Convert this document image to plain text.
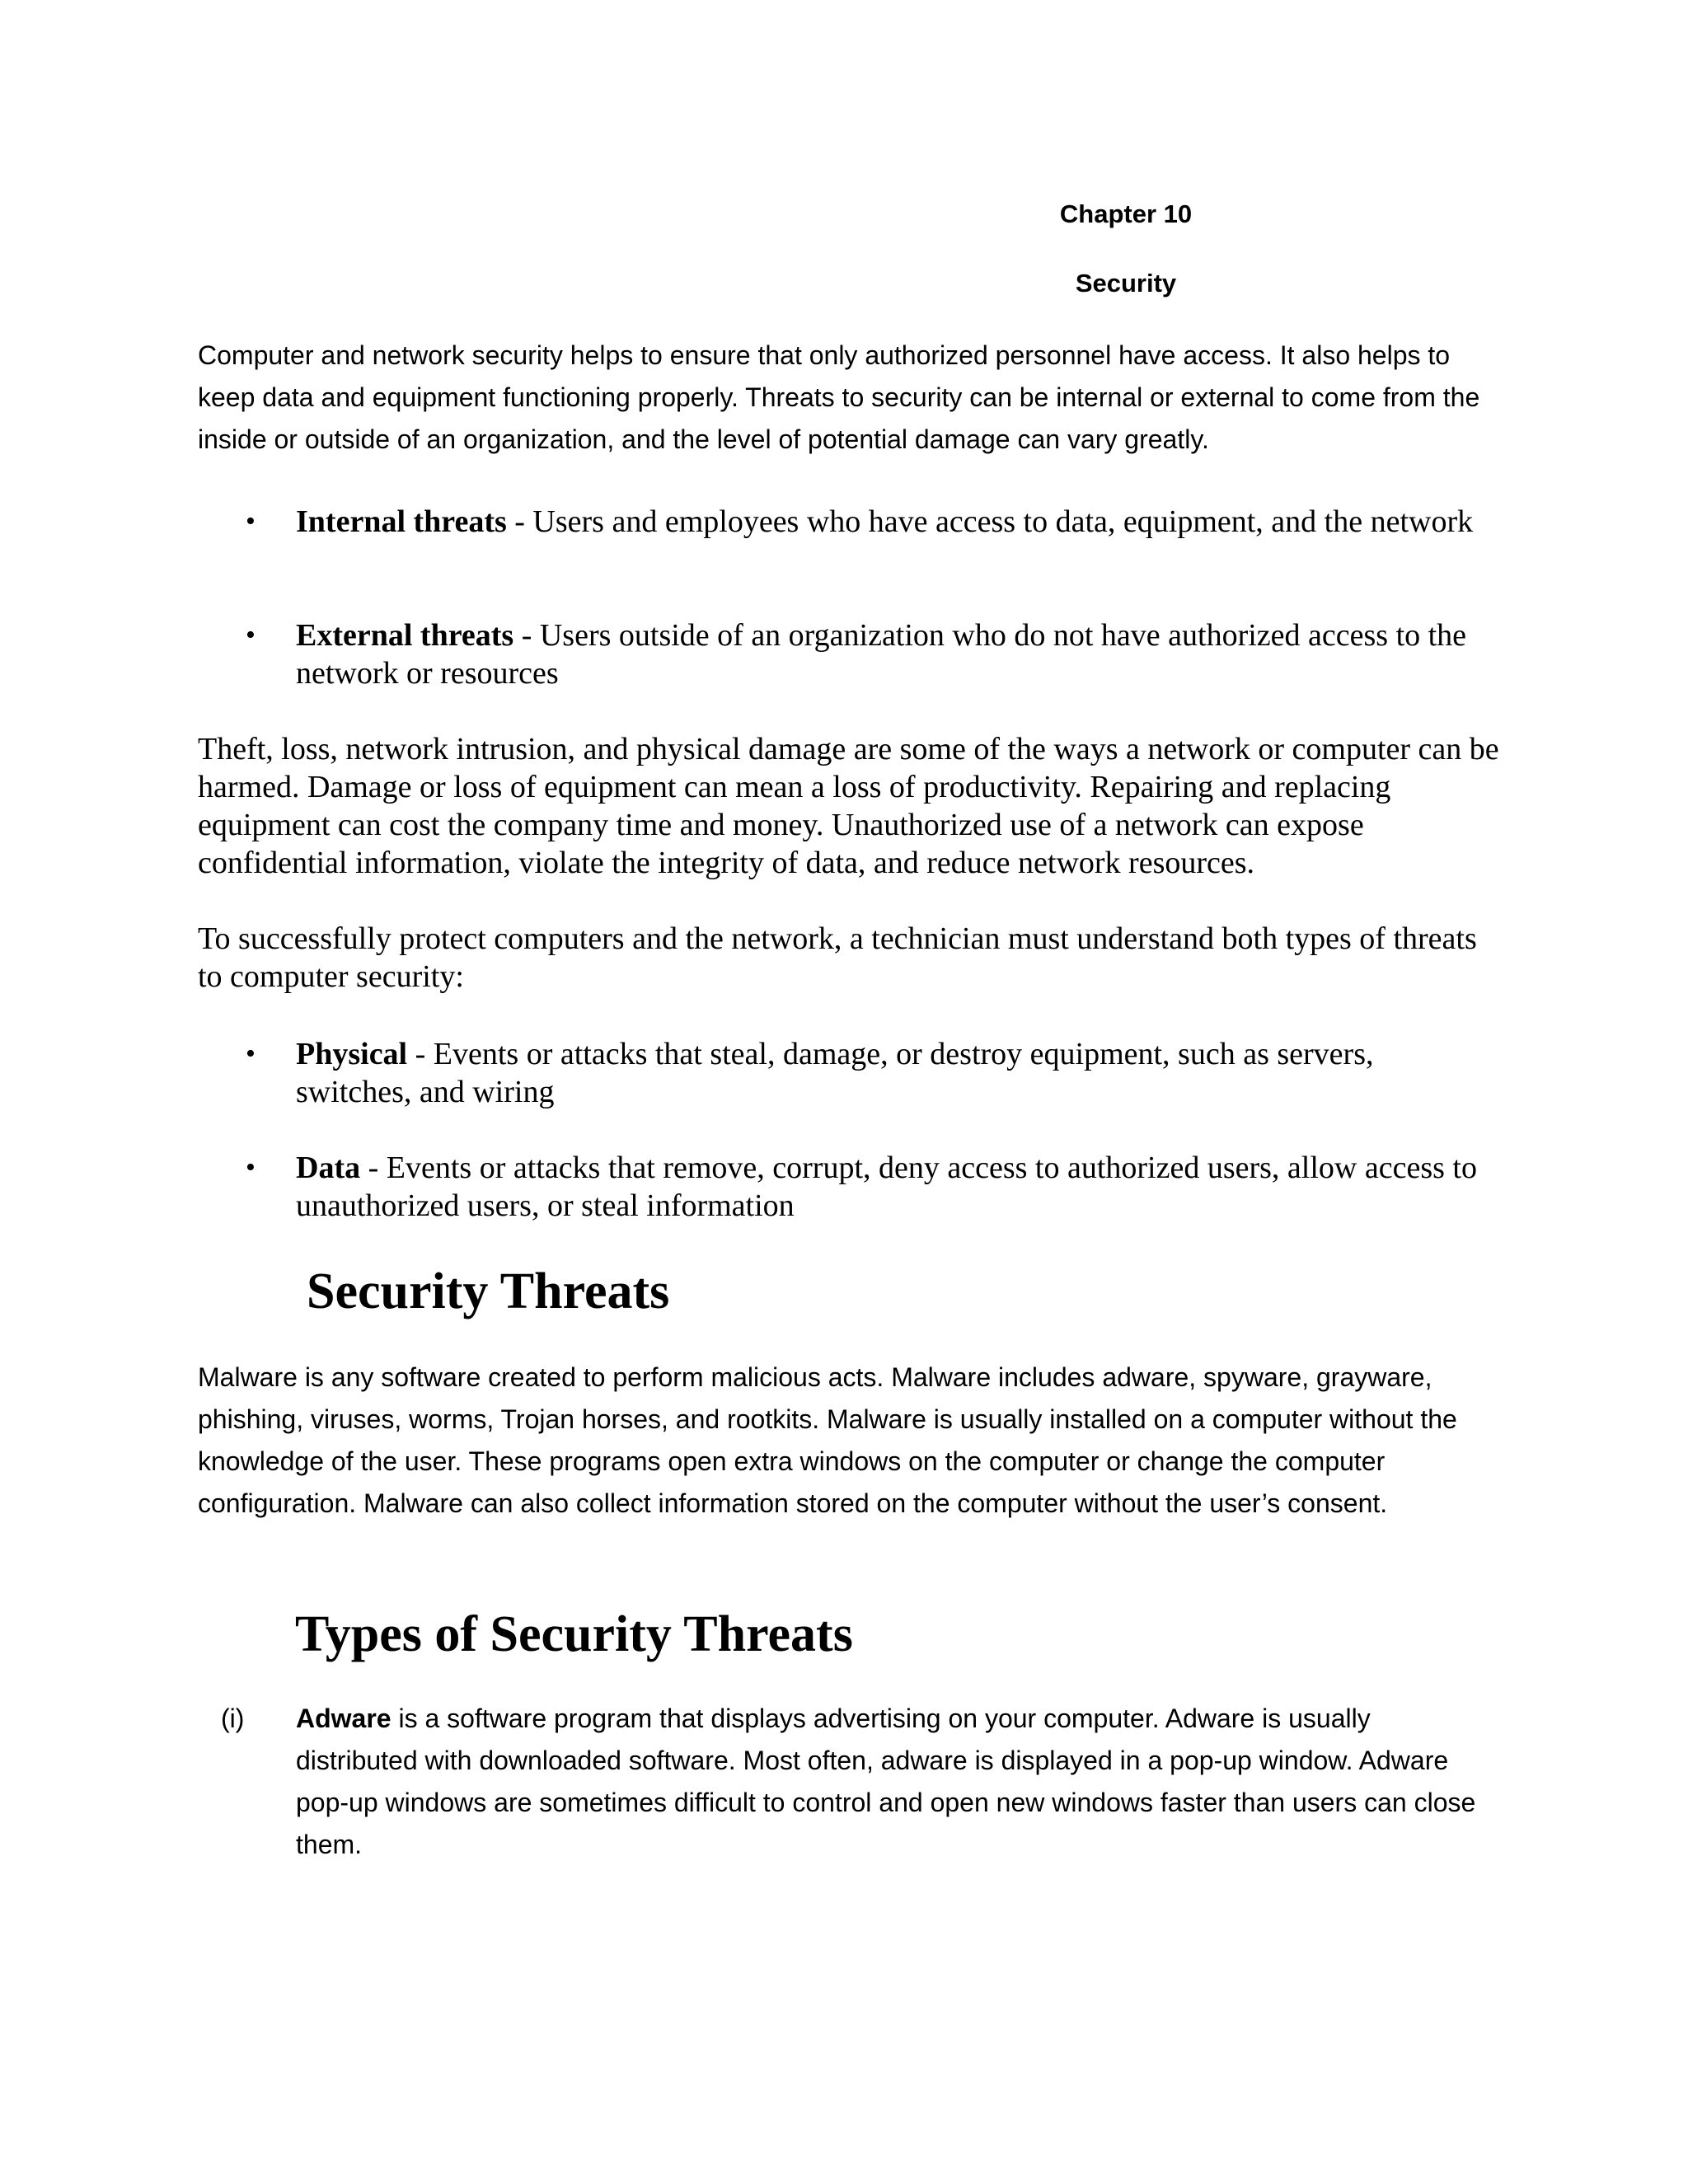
Chapter 10
Security

Computer and network security helps to ensure that only authorized personnel have access. It also helps to keep data and equipment functioning properly. Threats to security can be internal or external to come from the inside or outside of an organization, and the level of potential damage can vary greatly.

•	Internal threats - Users and employees who have access to data, equipment, and the network
•	External threats - Users outside of an organization who do not have authorized access to the network or resources

Theft, loss, network intrusion, and physical damage are some of the ways a network or computer can be harmed. Damage or loss of equipment can mean a loss of productivity. Repairing and replacing equipment can cost the company time and money. Unauthorized use of a network can expose confidential information, violate the integrity of data, and reduce network resources.

To successfully protect computers and the network, a technician must understand both types of threats to computer security:

•	Physical - Events or attacks that steal, damage, or destroy equipment, such as servers, switches, and wiring
•	Data - Events or attacks that remove, corrupt, deny access to authorized users, allow access to unauthorized users, or steal information
Security Threats

Malware is any software created to perform malicious acts. Malware includes adware, spyware, grayware, phishing, viruses, worms, Trojan horses, and rootkits. Malware is usually installed on a computer without the knowledge of the user. These programs open extra windows on the computer or change the computer configuration. Malware can also collect information stored on the computer without the user’s consent.

Types of Security Threats
(i) Adware is a software program that displays advertising on your computer. Adware is usually distributed with downloaded software. Most often, adware is displayed in a pop-up window. Adware pop-up windows are sometimes difficult to control and open new windows faster than users can close them.
